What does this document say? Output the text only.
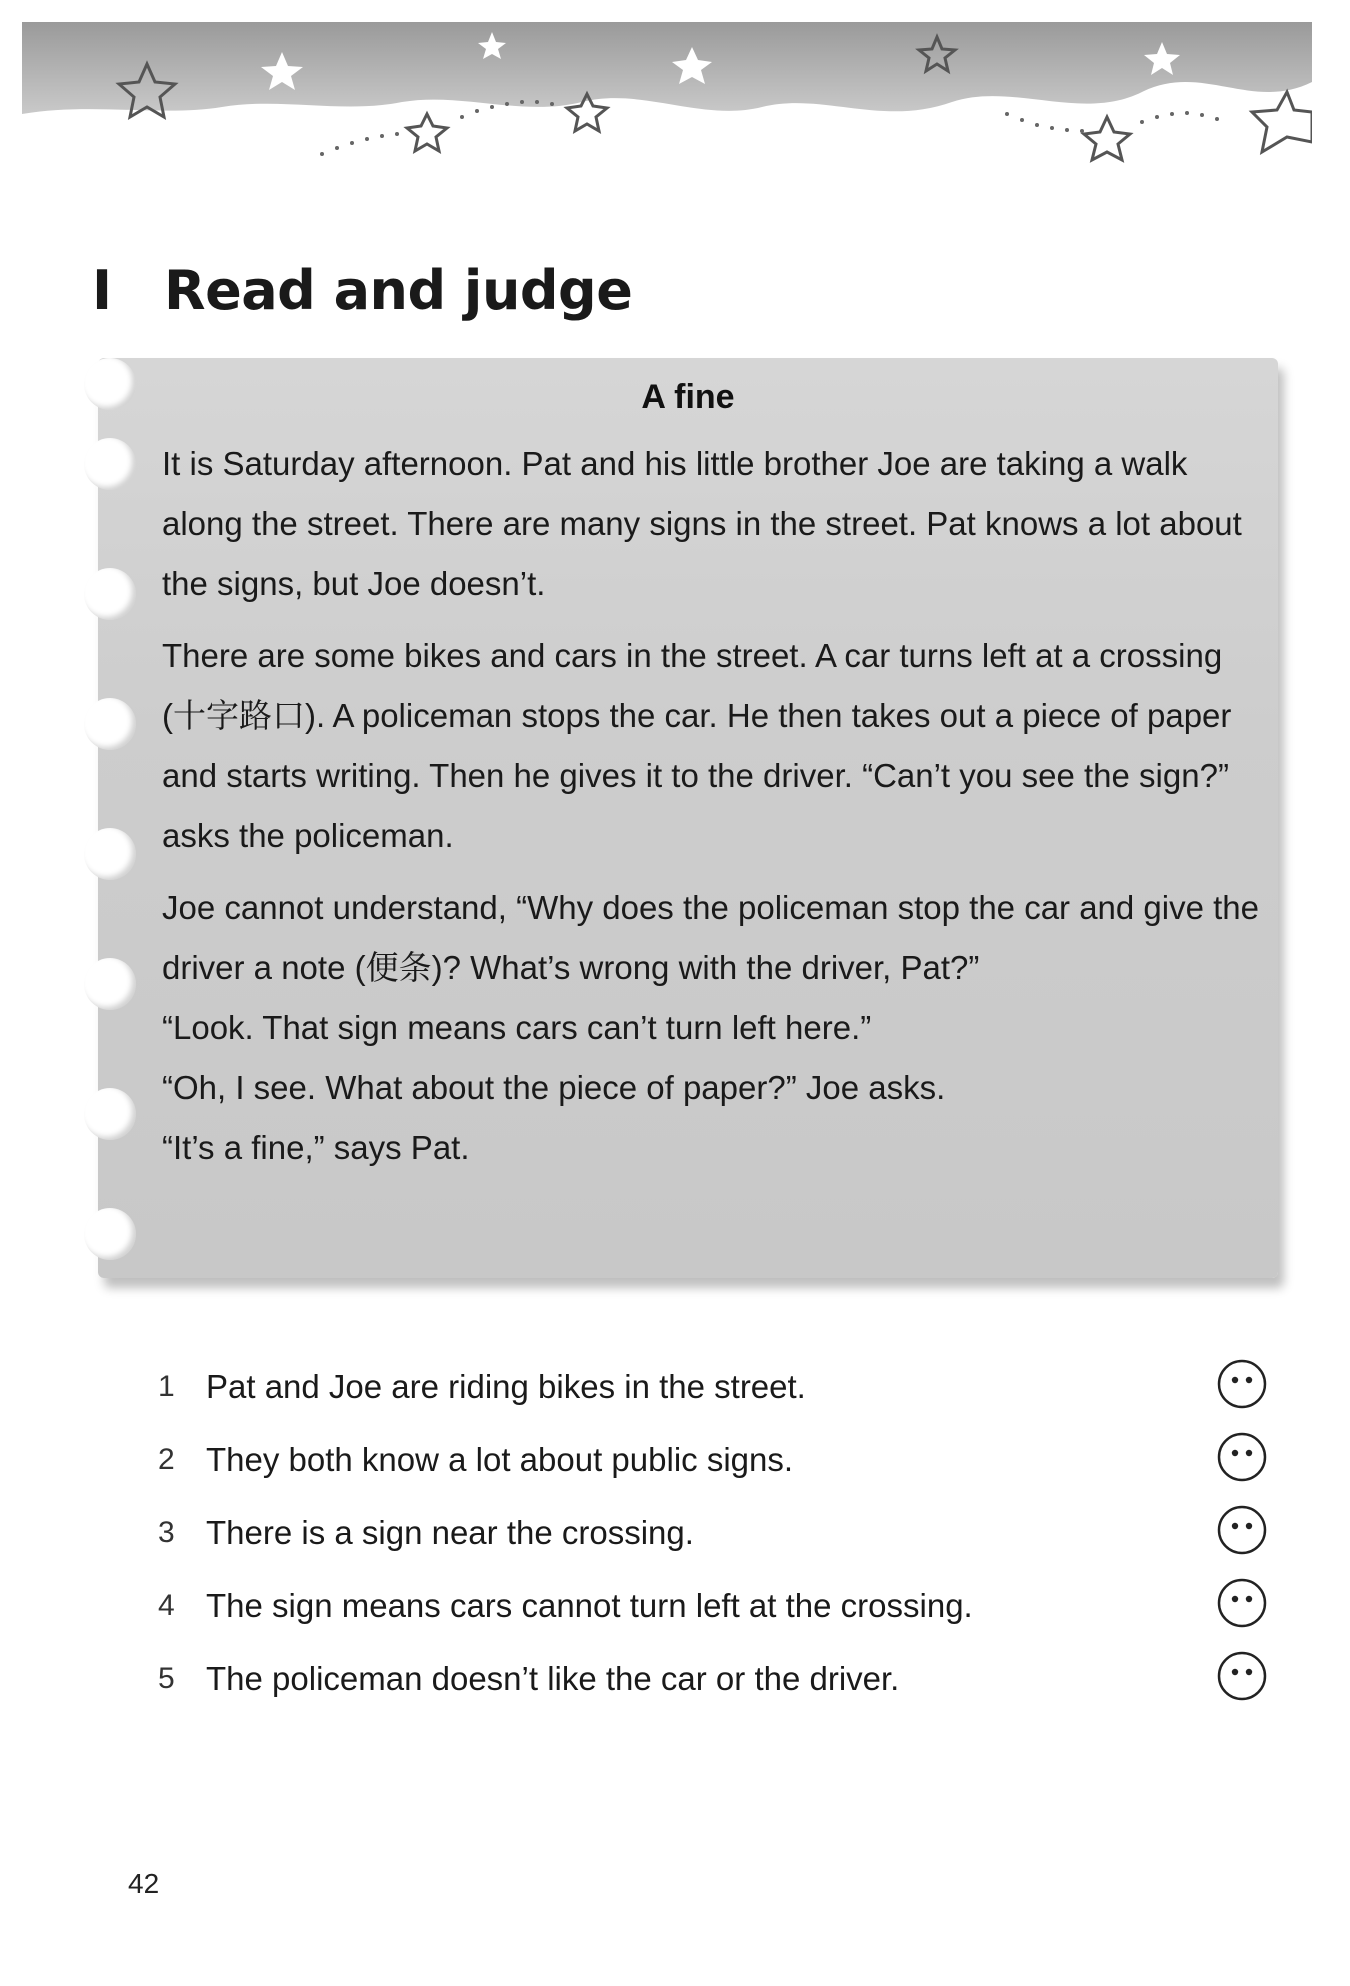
I Read and judge
A fine

It is Saturday afternoon. Pat and his little brother Joe are taking a walk along the street. There are many signs in the street. Pat knows a lot about the signs, but Joe doesn’t.

There are some bikes and cars in the street. A car turns left at a crossing (十字路口). A policeman stops the car. He then takes out a piece of paper and starts writing. Then he gives it to the driver. “Can’t you see the sign?” asks the policeman.

Joe cannot understand, “Why does the policeman stop the car and give the driver a note (便条)? What’s wrong with the driver, Pat?”

“Look. That sign means cars can’t turn left here.”

“Oh, I see. What about the piece of paper?” Joe asks.

“It’s a fine,” says Pat.

1 Pat and Joe are riding bikes in the street.
2 They both know a lot about public signs.
3 There is a sign near the crossing.
4 The sign means cars cannot turn left at the crossing.
5 The policeman doesn’t like the car or the driver.
42
